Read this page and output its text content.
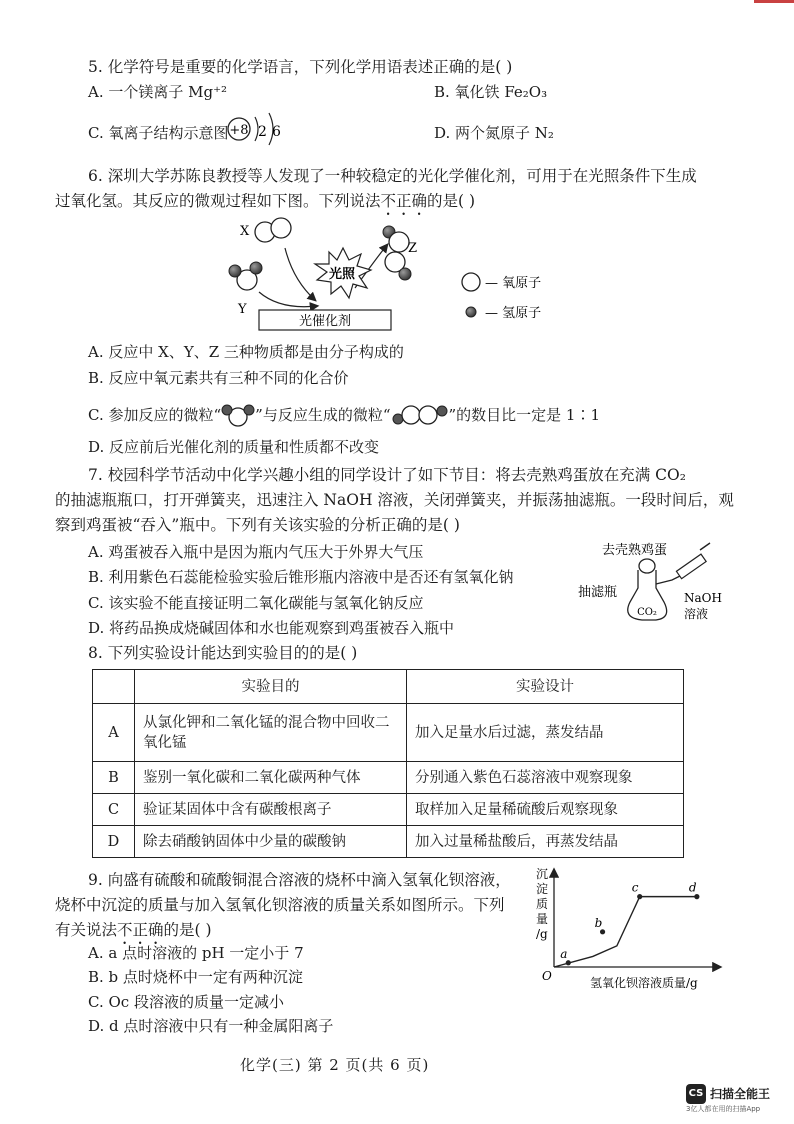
5. 化学符号是重要的化学语言，下列化学用语表述正确的是( )
A. 一个镁离子 Mg⁺²	B. 氧化铁 Fe₂O₃
C. 氧离子结构示意图 +8 2 6	D. 两个氮原子 N₂
6. 深圳大学苏陈良教授等人发现了一种较稳定的光化学催化剂，可用于在光照条件下生成
过氧化氢。其反应的微观过程如下图。下列说法不正确的是( )
X
Y
光照
Z
光催化剂
— 氧原子
— 氢原子
A. 反应中 X、Y、Z 三种物质都是由分子构成的
B. 反应中氧元素共有三种不同的化合价
C. 参加反应的微粒“ ”与反应生成的微粒“	”的数目比一定是 1∶1
D. 反应前后光催化剂的质量和性质都不改变
7. 校园科学节活动中化学兴趣小组的同学设计了如下节目：将去壳熟鸡蛋放在充满 CO₂
的抽滤瓶瓶口，打开弹簧夹，迅速注入 NaOH 溶液，关闭弹簧夹，并振荡抽滤瓶。一段时间后，观
察到鸡蛋被“吞入”瓶中。下列有关该实验的分析正确的是( )
A. 鸡蛋被吞入瓶中是因为瓶内气压大于外界大气压
B. 利用紫色石蕊能检验实验后锥形瓶内溶液中是否还有氢氧化钠
C. 该实验不能直接证明二氧化碳能与氢氧化钠反应
D. 将药品换成烧碱固体和水也能观察到鸡蛋被吞入瓶中
去壳熟鸡蛋
CO₂
抽滤瓶	NaOH
溶液
8. 下列实验设计能达到实验目的的是( )
	实验目的	实验设计
A	从氯化钾和二氧化锰的混合物中回收二氧化锰	加入足量水后过滤，蒸发结晶
B	鉴别一氧化碳和二氧化碳两种气体	分别通入紫色石蕊溶液中观察现象
C	验证某固体中含有碳酸根离子	取样加入足量稀硫酸后观察现象
D	除去硝酸钠固体中少量的碳酸钠	加入过量稀盐酸后，再蒸发结晶
9. 向盛有硫酸和硫酸铜混合溶液的烧杯中滴入氢氧化钡溶液，
烧杯中沉淀的质量与加入氢氧化钡溶液的质量关系如图所示。下列
有关说法不正确的是( )
A. a 点时溶液的 pH 一定小于 7
B. b 点时烧杯中一定有两种沉淀
C. Oc 段溶液的质量一定减小
D. d 点时溶液中只有一种金属阳离子
O
沉
淀
质
量
/g
氢氧化钡溶液质量/g
a
b
c	d
化学(三) 第 2 页(共 6 页)
CS 扫描全能王
3亿人都在用的扫描App
